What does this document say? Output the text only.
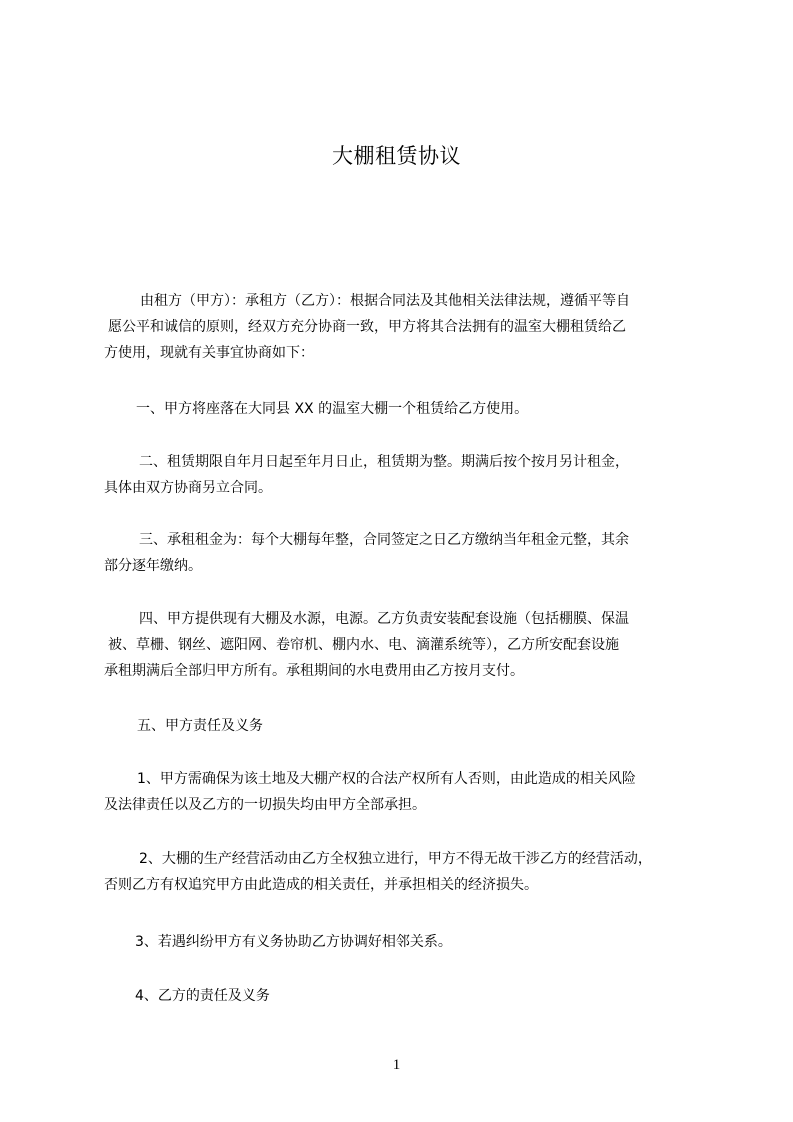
大棚租赁协议
由租方（甲方）：承租方（乙方）：根据合同法及其他相关法律法规，遵循平等自
愿公平和诚信的原则，经双方充分协商一致，甲方将其合法拥有的温室大棚租赁给乙
方使用，现就有关事宜协商如下：
一、甲方将座落在大同县 XX 的温室大棚一个租赁给乙方使用。
二、租赁期限自年月日起至年月日止，租赁期为整。期满后按个按月另计租金，
具体由双方协商另立合同。
三、承租租金为：每个大棚每年整，合同签定之日乙方缴纳当年租金元整，其余
部分逐年缴纳。
四、甲方提供现有大棚及水源，电源。乙方负责安装配套设施（包括棚膜、保温
被、草栅、钢丝、遮阳网、卷帘机、棚内水、电、滴灌系统等），乙方所安配套设施
承租期满后全部归甲方所有。承租期间的水电费用由乙方按月支付。
五、甲方责任及义务
1、甲方需确保为该土地及大棚产权的合法产权所有人否则，由此造成的相关风险
及法律责任以及乙方的一切损失均由甲方全部承担。
2、大棚的生产经营活动由乙方全权独立进行，甲方不得无故干涉乙方的经营活动，
否则乙方有权追究甲方由此造成的相关责任，并承担相关的经济损失。
3、若遇纠纷甲方有义务协助乙方协调好相邻关系。
4、乙方的责任及义务
1
